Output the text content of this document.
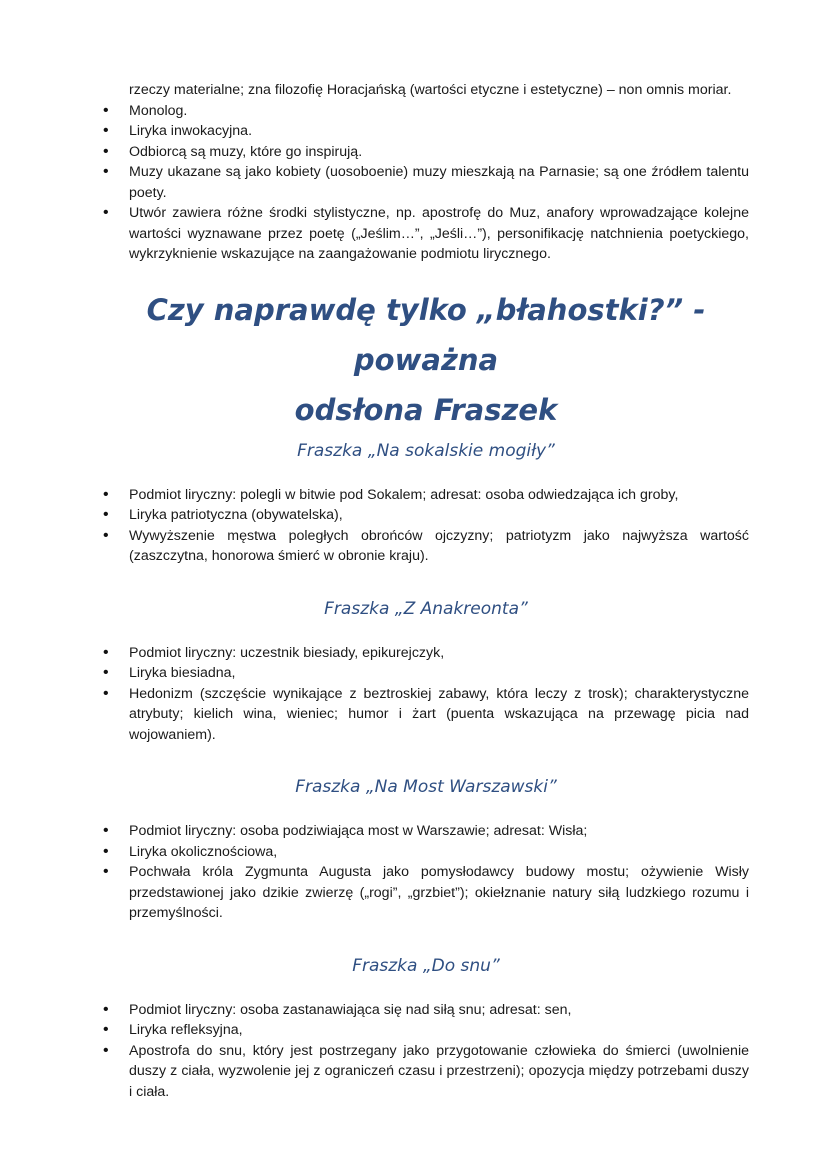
rzeczy materialne; zna filozofię Horacjańską (wartości etyczne i estetyczne) – non omnis moriar.

• Monolog.
• Liryka inwokacyjna.
• Odbiorcą są muzy, które go inspirują.
• Muzy ukazane są jako kobiety (uosoboenie) muzy mieszkają na Parnasie; są one źródłem talentu poety.
• Utwór zawiera różne środki stylistyczne, np. apostrofę do Muz, anafory wprowadzające kolejne wartości wyznawane przez poetę („Jeślim…”, „Jeśli…”), personifikację natchnienia poetyckiego, wykrzyknienie wskazujące na zaangażowanie podmiotu lirycznego.
Czy naprawdę tylko „błahostki?” - poważna
odsłona Fraszek
Fraszka „Na sokalskie mogiły”
• Podmiot liryczny: polegli w bitwie pod Sokalem; adresat: osoba odwiedzająca ich groby,
• Liryka patriotyczna (obywatelska),
• Wywyższenie męstwa poległych obrońców ojczyzny; patriotyzm jako najwyższa wartość (zaszczytna, honorowa śmierć w obronie kraju).
Fraszka „Z Anakreonta”
• Podmiot liryczny: uczestnik biesiady, epikurejczyk,
• Liryka biesiadna,
• Hedonizm (szczęście wynikające z beztroskiej zabawy, która leczy z trosk); charakterystyczne atrybuty; kielich wina, wieniec; humor i żart (puenta wskazująca na przewagę picia nad wojowaniem).
Fraszka „Na Most Warszawski”
• Podmiot liryczny: osoba podziwiająca most w Warszawie; adresat: Wisła;
• Liryka okolicznościowa,
• Pochwała króla Zygmunta Augusta jako pomysłodawcy budowy mostu; ożywienie Wisły przedstawionej jako dzikie zwierzę („rogi”, „grzbiet”); okiełznanie natury siłą ludzkiego rozumu i przemyślności.
Fraszka „Do snu”
• Podmiot liryczny: osoba zastanawiająca się nad siłą snu; adresat: sen,
• Liryka refleksyjna,
• Apostrofa do snu, który jest postrzegany jako przygotowanie człowieka do śmierci (uwolnienie duszy z ciała, wyzwolenie jej z ograniczeń czasu i przestrzeni); opozycja między potrzebami duszy i ciała.
